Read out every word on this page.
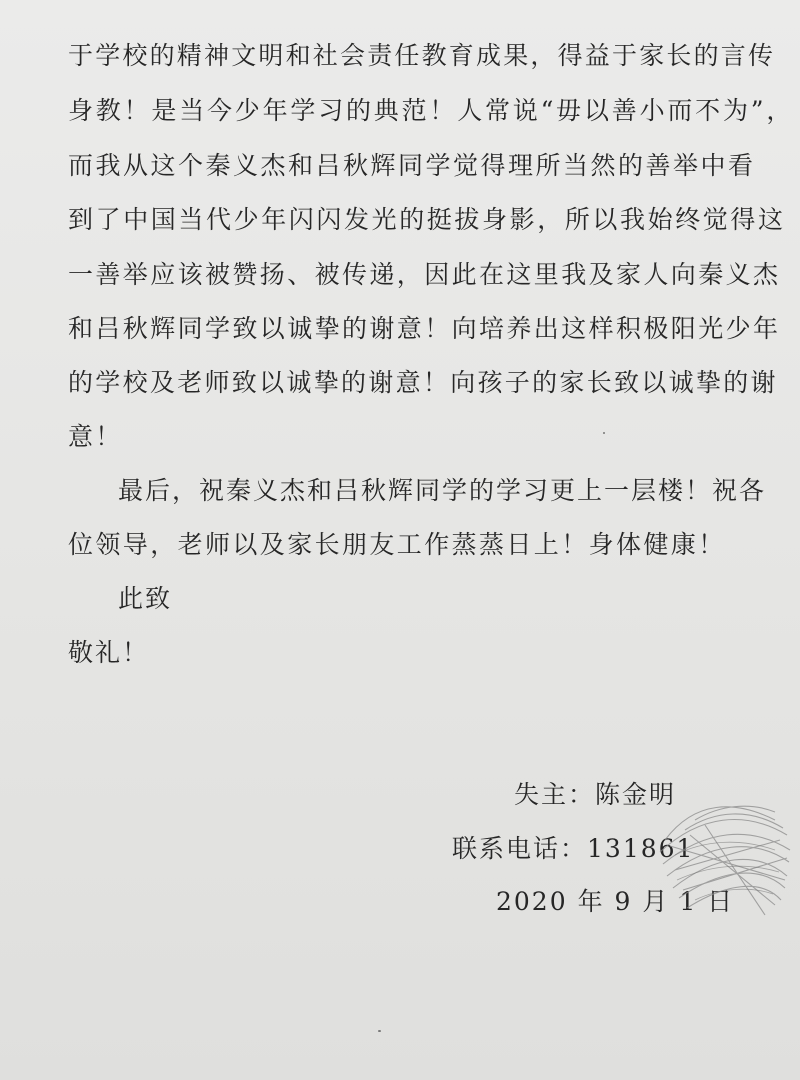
于学校的精神文明和社会责任教育成果，得益于家长的言传
身教！是当今少年学习的典范！人常说“毋以善小而不为”，
而我从这个秦义杰和吕秋辉同学觉得理所当然的善举中看
到了中国当代少年闪闪发光的挺拔身影，所以我始终觉得这
一善举应该被赞扬、被传递，因此在这里我及家人向秦义杰
和吕秋辉同学致以诚挚的谢意！向培养出这样积极阳光少年
的学校及老师致以诚挚的谢意！向孩子的家长致以诚挚的谢
意！
最后，祝秦义杰和吕秋辉同学的学习更上一层楼！祝各
位领导，老师以及家长朋友工作蒸蒸日上！身体健康！
此致
敬礼！
失主：陈金明
联系电话：131861
2020 年 9 月 1 日
